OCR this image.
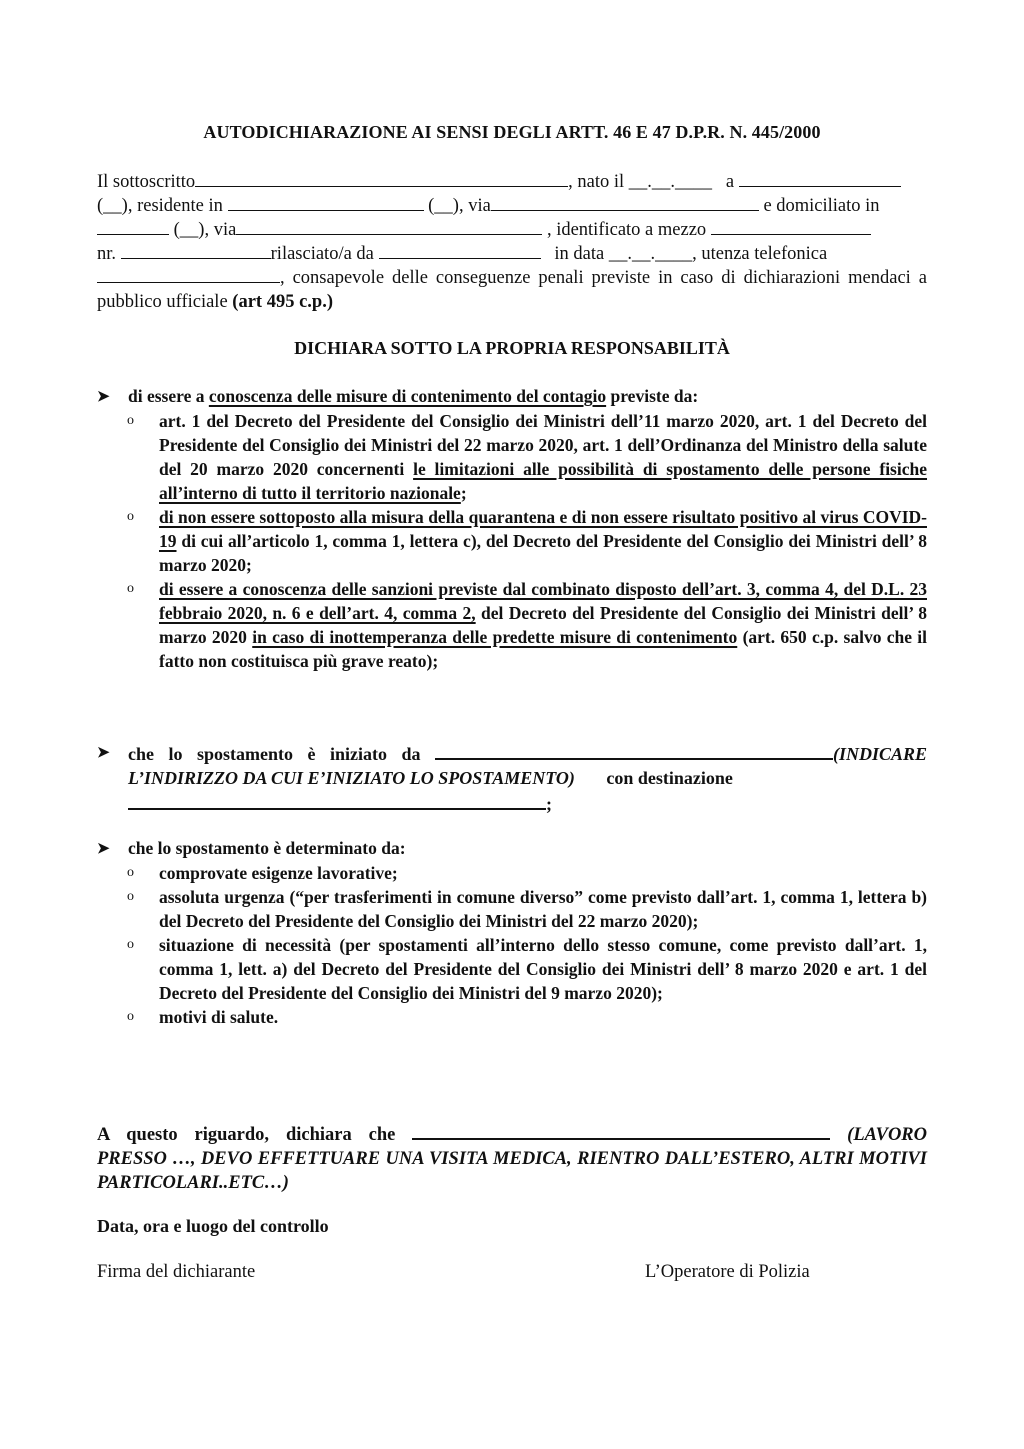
AUTODICHIARAZIONE AI SENSI DEGLI ARTT. 46 E 47 D.P.R. N. 445/2000
Il sottoscritto	, nato il __.__.____ a
(__), residente in	(__), via	e domiciliato in
(__), via	, identificato a mezzo
nr.	rilasciato/a da	in data __.__.____, utenza telefonica
, consapevole delle conseguenze penali previste in caso di dichiarazioni mendaci a pubblico ufficiale (art 495 c.p.)
DICHIARA SOTTO LA PROPRIA RESPONSABILITÀ
➤	di essere a conoscenza delle misure di contenimento del contagio previste da:
o	art. 1 del Decreto del Presidente del Consiglio dei Ministri dell’11 marzo 2020, art. 1 del Decreto del Presidente del Consiglio dei Ministri del 22 marzo 2020, art. 1 dell’Ordinanza del Ministro della salute del 20 marzo 2020 concernenti le limitazioni alle possibilità di spostamento delle persone fisiche all’interno di tutto il territorio nazionale;
o	di non essere sottoposto alla misura della quarantena e di non essere risultato positivo al virus COVID-19 di cui all’articolo 1, comma 1, lettera c), del Decreto del Presidente del Consiglio dei Ministri dell’ 8 marzo 2020;
o	di essere a conoscenza delle sanzioni previste dal combinato disposto dell’art. 3, comma 4, del D.L. 23 febbraio 2020, n. 6 e dell’art. 4, comma 2, del Decreto del Presidente del Consiglio dei Ministri dell’ 8 marzo 2020 in caso di inottemperanza delle predette misure di contenimento (art. 650 c.p. salvo che il fatto non costituisca più grave reato);
➤	che lo spostamento è iniziato da	(INDICARE L’INDIRIZZO DA CUI E’INIZIATO LO SPOSTAMENTO) con destinazione
;
➤	che lo spostamento è determinato da:
o	comprovate esigenze lavorative;
o	assoluta urgenza (“per trasferimenti in comune diverso” come previsto dall’art. 1, comma 1, lettera b) del Decreto del Presidente del Consiglio dei Ministri del 22 marzo 2020);
o	situazione di necessità (per spostamenti all’interno dello stesso comune, come previsto dall’art. 1, comma 1, lett. a) del Decreto del Presidente del Consiglio dei Ministri dell’ 8 marzo 2020 e art. 1 del Decreto del Presidente del Consiglio dei Ministri del 9 marzo 2020);
o	motivi di salute.
A questo riguardo, dichiara che	(LAVORO PRESSO …, DEVO EFFETTUARE UNA VISITA MEDICA, RIENTRO DALL’ESTERO, ALTRI MOTIVI PARTICOLARI..ETC…)
Data, ora e luogo del controllo
Firma del dichiarante	L’Operatore di Polizia
